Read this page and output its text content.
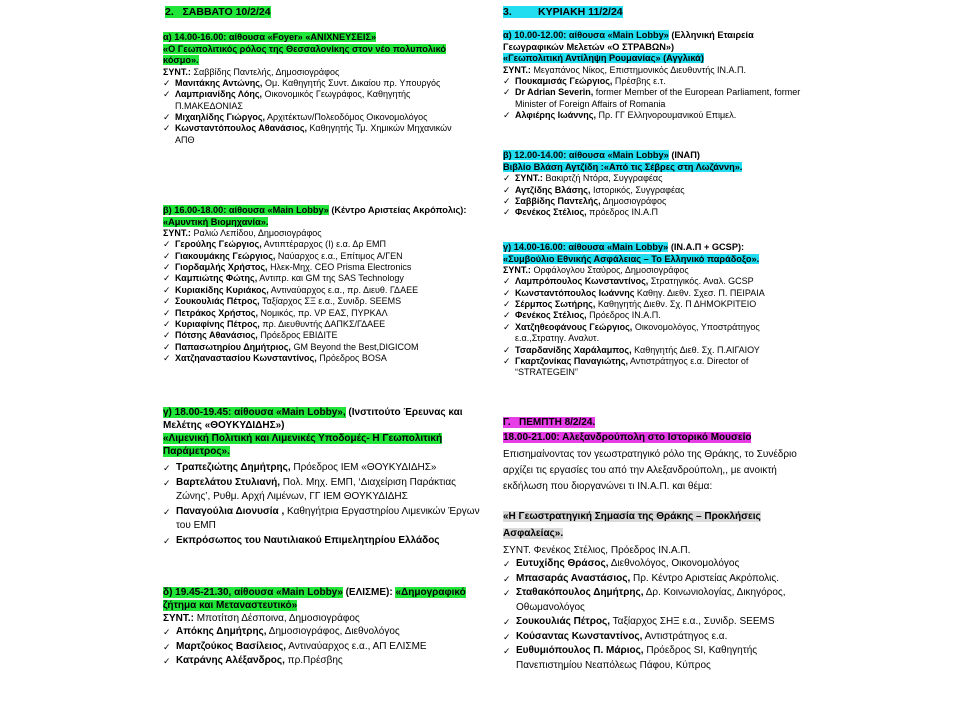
2.   ΣΑΒΒΑΤΟ 10/2/24
α) 14.00-16.00: αίθουσα «Foyer» «ΑΝΙΧΝΕΥΣΕΙΣ»
«Ο Γεωπολιτικός ρόλος της Θεσσαλονίκης στον νέο πολυπολικό κόσμο».
ΣΥΝΤ.: Σαββίδης Παντελής, Δημοσιογράφος
✓ Μανιτάκης Αντώνης, Ομ. Καθηγητής Συντ. Δικαίου πρ. Υπουργός
✓ Λαμπριανίδης Λόης, Οικονομικός Γεωγράφος, Καθηγητής Π.ΜΑΚΕΔΟΝΙΑΣ
✓ Μιχαηλίδης Γιώργος, Αρχιτέκτων/Πολεοδόμος Οικονομολόγος
✓ Κωνσταντόπουλος Αθανάσιος, Καθηγητής Τμ. Χημικών Μηχανικών ΑΠΘ
β) 16.00-18.00: αίθουσα «Main Lobby» (Κέντρο Αριστείας Ακρόπολις): «Αμυντική Βιομηχανία».
ΣΥΝΤ.: Ραλιώ Λεπίδου, Δημοσιογράφος
✓ Γερούλης Γεώργιος, Αντιπτέραρχος (I) ε.α. Δρ ΕΜΠ
✓ Γιακουμάκης Γεώργιος, Ναύαρχος ε.α., Επίτιμος Α/ΓΕΝ
✓ Γιορδαμλής Χρήστος, Ηλεκ-Μηχ. CEO Prisma Electronics
✓ Καμπιώτης Φώτης, Αντιπρ. και GM της SAS Technology
✓ Κυριακίδης Κυριάκος, Αντιναύαρχος ε.α., πρ. Διευθ. ΓΔΑΕΕ
✓ Σουκουλιάς Πέτρος, Ταξίαρχος ΣΞ ε.α., Συνιδρ. SEEMS
✓ Πετράκος Χρήστος, Νομικός, πρ. VP ΕΑΣ, ΠΥΡΚΑΛ
✓ Κυριαφίνης Πέτρος, πρ. Διευθυντής ΔΑΠΚΣ/ΓΔΑΕΕ
✓ Πότσης Αθανάσιος, Πρόεδρος ΕΒΙΔΙΤΕ
✓ Παπασωτηρίου Δημήτριος, GM Beyond the Best,DIGICOM
✓ Χατζηαναστασίου Κωνσταντίνος, Πρόεδρος BOSA
γ) 18.00-19.45: αίθουσα «Main Lobby», (Ινστιτούτο Έρευνας και Μελέτης «ΘΟΥΚΥΔΙΔΗΣ»)
«Λιμενική Πολιτική και Λιμενικές Υποδομές- Η Γεωπολιτική Παράμετρος».
✓ Τραπεζιώτης Δημήτρης, Πρόεδρος ΙΕΜ «ΘΟΥΚΥΔΙΔΗΣ»
✓ Βαρτελάτου Στυλιανή, Πολ. Μηχ. ΕΜΠ, ‘Διαχείριση Παράκτιας Ζώνης’, Ρυθμ. Αρχή Λιμένων, ΓΓ ΙΕΜ ΘΟΥΚΥΔΙΔΗΣ
✓ Παναγούλια Διονυσία , Καθηγήτρια Εργαστηρίου Λιμενικών Έργων του ΕΜΠ
✓ Εκπρόσωπος του Ναυτιλιακού Επιμελητηρίου Ελλάδος
δ) 19.45-21.30, αίθουσα «Main Lobby» (ΕΛΙΣΜΕ): «Δημογραφικό ζήτημα και Μεταναστευτικό»
ΣΥΝΤ.: Μποτίτση Δέσποινα, Δημοσιογράφος
✓ Απόκης Δημήτρης, Δημοσιογράφος, Διεθνολόγος
✓ Μαρτζούκος Βασίλειος, Αντιναύαρχος ε.α., ΑΠ ΕΛΙΣΜΕ
✓ Κατράνης Αλέξανδρος, πρ.Πρέσβης
3.         ΚΥΡΙΑΚΗ 11/2/24
α) 10.00-12.00: αίθουσα «Main Lobby» (Ελληνική Εταιρεία Γεωγραφικών Μελετών «Ο ΣΤΡΑΒΩΝ»)
«Γεωπολιτική Αντίληψη Ρουμανίας» (Αγγλικά)
ΣΥΝΤ.: Μεγαπάνος Νίκος, Επιστημονικός Διευθυντής ΙΝ.Α.Π.
✓ Πουκαμισάς Γεώργιος, Πρέσβης ε.τ.
✓ Dr Adrian Severin, former Member of the European Parliament, former Minister of Foreign Affairs of Romania
✓ Αλφιέρης Ιωάννης, Πρ. ΓΓ Ελληνορουμανικού Επιμελ.
β) 12.00-14.00: αίθουσα «Main Lobby» (ΙΝΑΠ)
Βιβλίο Βλάση Αγτζίδη :«Από τις Σέβρες στη Λωζάννη».
✓ ΣΥΝΤ.: Βακιρτζή Ντόρα, Συγγραφέας
✓ Αγτζίδης Βλάσης, Ιστορικός, Συγγραφέας
✓ Σαββίδης Παντελής, Δημοσιογράφος
✓ Φενέκος Στέλιος, πρόεδρος ΙΝ.Α.Π
γ) 14.00-16.00: αίθουσα «Main Lobby» (ΙΝ.Α.Π + GCSP):
«Συμβούλιο Εθνικής Ασφάλειας – Το Ελληνικό παράδοξο».
ΣΥΝΤ.: Ορφάλογλου Σταύρος, Δημοσιογράφος
✓ Λαμπρόπουλος Κωνσταντίνος, Στρατηγικός. Αναλ. GCSP
✓ Κωνσταντόπουλος Ιωάννης Καθηγ. Διεθν. Σχεσ. Π. ΠΕΙΡΑΙΑ
✓ Σέρμπος Σωτήρης, Καθηγητής Διεθν. Σχ. Π ΔΗΜΟΚΡΙΤΕΙΟ
✓ Φενέκος Στέλιος, Πρόεδρος ΙΝ.Α.Π.
✓ Χατζηθεοφάνους Γεώργιος, Οικονομολόγος, Υποστράτηγος ε.α.,Στρατηγ. Αναλυτ.
✓ Τσαρδανίδης Χαράλαμπος, Καθηγητής Διεθ. Σχ. Π.ΑΙΓΑΙΟΥ
✓ Γκαρτζονίκας Παναγιώτης, Αντιστράτηγος ε.α. Director of “STRATEGEIN”
Γ.   ΠΕΜΠΤΗ 8/2/24.
18.00-21.00: Αλεξανδρούπολη στο Ιστορικό Μουσείο
Επισημαίνοντας τον γεωστρατηγικό ρόλο της Θράκης, το Συνέδριο αρχίζει τις εργασίες του από την Αλεξανδρούπολη,, με ανοικτή εκδήλωση που διοργανώνει τι ΙΝ.Α.Π. και θέμα:
«Η Γεωστρατηγική Σημασία της Θράκης – Προκλήσεις Ασφαλείας».
ΣΥΝΤ. Φενέκος Στέλιος, Πρόεδρος ΙΝ.Α.Π.
✓ Ευτυχίδης Θράσος, Διεθνολόγος, Οικονομολόγος
✓ Μπασαράς Αναστάσιος, Πρ. Κέντρο Αριστείας Ακρόπολις.
✓ Σταθακόπουλος Δημήτρης, Δρ. Κοινωνιολογίας, Δικηγόρος, Οθωμανολόγος
✓ Σουκουλιάς Πέτρος, Ταξίαρχος ΣΗΞ ε.α., Συνιδρ. SEEMS
✓ Κούσαντας Κωνσταντίνος, Αντιστράτηγος ε.α.
✓ Ευθυμιόπουλος Π. Μάριος, Πρόεδρος SI, Καθηγητής Πανεπιστημίου Νεαπόλεως Πάφου, Κύπρος
